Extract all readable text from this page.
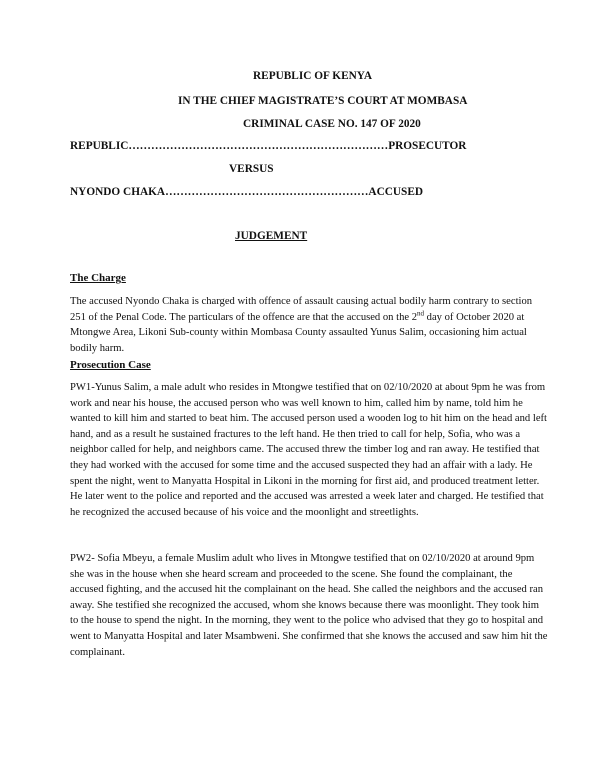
REPUBLIC OF KENYA
IN THE CHIEF MAGISTRATE’S COURT AT MOMBASA
CRIMINAL CASE NO. 147 OF 2020
REPUBLIC……………………………………………………………PROSECUTOR
VERSUS
NYONDO CHAKA………………………………………………ACCUSED
JUDGEMENT
The Charge

The accused Nyondo Chaka is charged with offence of assault causing actual bodily harm contrary to section 251 of the Penal Code. The particulars of the offence are that the accused on the 2nd day of October 2020 at Mtongwe Area, Likoni Sub-county within Mombasa County assaulted Yunus Salim, occasioning him actual bodily harm.

Prosecution Case

PW1-Yunus Salim, a male adult who resides in Mtongwe testified that on 02/10/2020 at about 9pm he was from work and near his house, the accused person who was well known to him, called him by name, told him he wanted to kill him and started to beat him. The accused person used a wooden log to hit him on the head and left hand, and as a result he sustained fractures to the left hand. He then tried to call for help, Sofia, who was a neighbor called for help, and neighbors came. The accused threw the timber log and ran away. He testified that they had worked with the accused for some time and the accused suspected they had an affair with a lady. He spent the night, went to Manyatta Hospital in Likoni in the morning for first aid, and produced treatment letter. He later went to the police and reported and the accused was arrested a week later and charged. He testified that he recognized the accused because of his voice and the moonlight and streetlights.

PW2- Sofia Mbeyu, a female Muslim adult who lives in Mtongwe testified that on 02/10/2020 at around 9pm she was in the house when she heard scream and proceeded to the scene. She found the complainant, the accused fighting, and the accused hit the complainant on the head. She called the neighbors and the accused ran away. She testified she recognized the accused, whom she knows because there was moonlight. They took him to the house to spend the night. In the morning, they went to the police who advised that they go to hospital and went to Manyatta Hospital and later Msambweni. She confirmed that she knows the accused and saw him hit the complainant.
